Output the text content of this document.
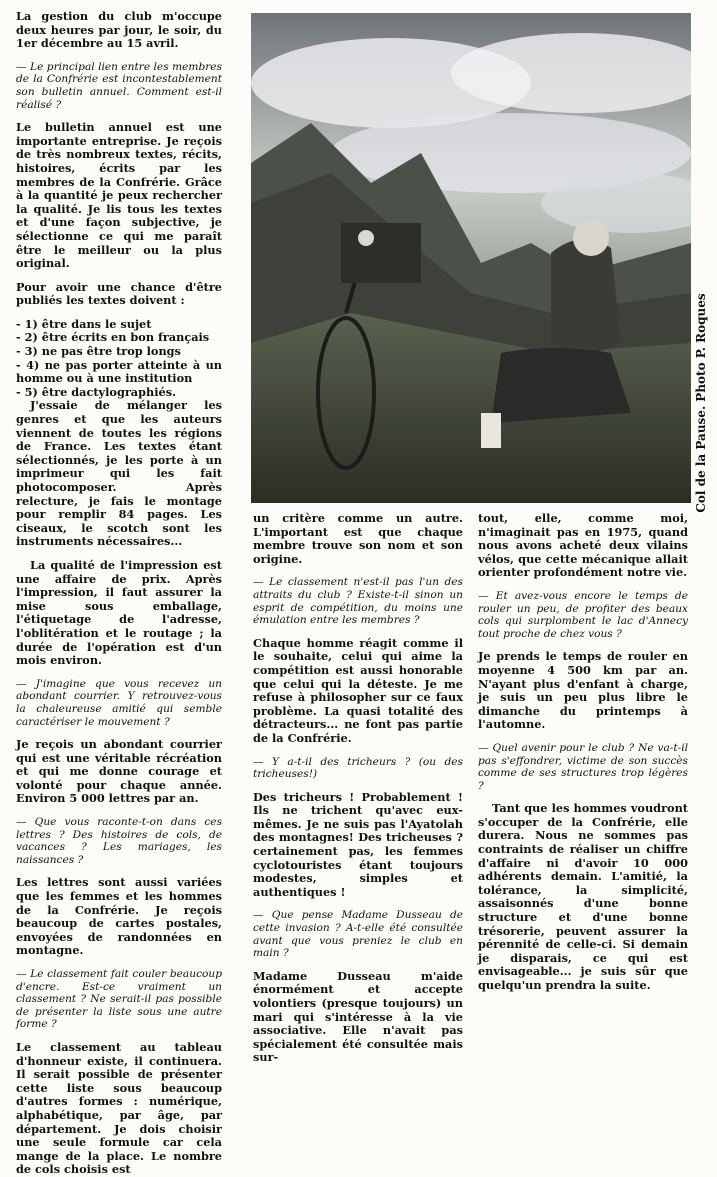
La gestion du club m'occupe deux heures par jour, le soir, du 1er décembre au 15 avril.

— Le principal lien entre les membres de la Confrérie est incontestablement son bulletin annuel. Comment est-il réalisé ?

Le bulletin annuel est une importante entreprise. Je reçois de très nombreux textes, récits, histoires, écrits par les membres de la Confrérie. Grâce à la quantité je peux rechercher la qualité. Je lis tous les textes et d'une façon subjective, je sélectionne ce qui me paraît être le meilleur ou la plus original.

Pour avoir une chance d'être publiés les textes doivent :

- 1) être dans le sujet

- 2) être écrits en bon français

- 3) ne pas être trop longs

- 4) ne pas porter atteinte à un homme ou à une institution

- 5) être dactylographiés.

J'essaie de mélanger les genres et que les auteurs viennent de toutes les régions de France. Les textes étant sélectionnés, je les porte à un imprimeur qui les fait photocomposer. Après relecture, je fais le montage pour remplir 84 pages. Les ciseaux, le scotch sont les instruments nécessaires...

La qualité de l'impression est une affaire de prix. Après l'impression, il faut assurer la mise sous emballage, l'étiquetage de l'adresse, l'oblitération et le routage ; la durée de l'opération est d'un mois environ.

— J'imagine que vous recevez un abondant courrier. Y retrouvez-vous la chaleureuse amitié qui semble caractériser le mouvement ?

Je reçois un abondant courrier qui est une véritable récréation et qui me donne courage et volonté pour chaque année. Environ 5 000 lettres par an.

— Que vous raconte-t-on dans ces lettres ? Des histoires de cols, de vacances ? Les mariages, les naissances ?

Les lettres sont aussi variées que les femmes et les hommes de la Confrérie. Je reçois beaucoup de cartes postales, envoyées de randonnées en montagne.

— Le classement fait couler beaucoup d'encre. Est-ce vraiment un classement ? Ne serait-il pas possible de présenter la liste sous une autre forme ?

Le classement au tableau d'honneur existe, il continuera. Il serait possible de présenter cette liste sous beaucoup d'autres formes : numérique, alphabétique, par âge, par département. Je dois choisir une seule formule car cela mange de la place. Le nombre de cols choisis est

Col de la Pause. Photo P. Roques

un critère comme un autre. L'important est que chaque membre trouve son nom et son origine.

— Le classement n'est-il pas l'un des attraits du club ? Existe-t-il sinon un esprit de compétition, du moins une émulation entre les membres ?

Chaque homme réagit comme il le souhaite, celui qui aime la compétition est aussi honorable que celui qui la déteste. Je me refuse à philosopher sur ce faux problème. La quasi totalité des détracteurs... ne font pas partie de la Confrérie.

— Y a-t-il des tricheurs ? (ou des tricheuses!)

Des tricheurs ! Probablement ! Ils ne trichent qu'avec eux-mêmes. Je ne suis pas l'Ayatolah des montagnes! Des tricheuses ? certainement pas, les femmes cyclotouristes étant toujours modestes, simples et authentiques !

— Que pense Madame Dusseau de cette invasion ? A-t-elle été consultée avant que vous preniez le club en main ?

Madame Dusseau m'aide énormément et accepte volontiers (presque toujours) un mari qui s'intéresse à la vie associative. Elle n'avait pas spécialement été consultée mais sur-

tout, elle, comme moi, n'imaginait pas en 1975, quand nous avons acheté deux vilains vélos, que cette mécanique allait orienter profondément notre vie.

— Et avez-vous encore le temps de rouler un peu, de profiter des beaux cols qui surplombent le lac d'Annecy tout proche de chez vous ?

Je prends le temps de rouler en moyenne 4 500 km par an. N'ayant plus d'enfant à charge, je suis un peu plus libre le dimanche du printemps à l'automne.

— Quel avenir pour le club ? Ne va-t-il pas s'effondrer, victime de son succès comme de ses structures trop légères ?

Tant que les hommes voudront s'occuper de la Confrérie, elle durera. Nous ne sommes pas contraints de réaliser un chiffre d'affaire ni d'avoir 10 000 adhérents demain. L'amitié, la tolérance, la simplicité, assaisonnés d'une bonne structure et d'une bonne trésorerie, peuvent assurer la pérennité de celle-ci. Si demain je disparais, ce qui est envisageable... je suis sûr que quelqu'un prendra la suite.
